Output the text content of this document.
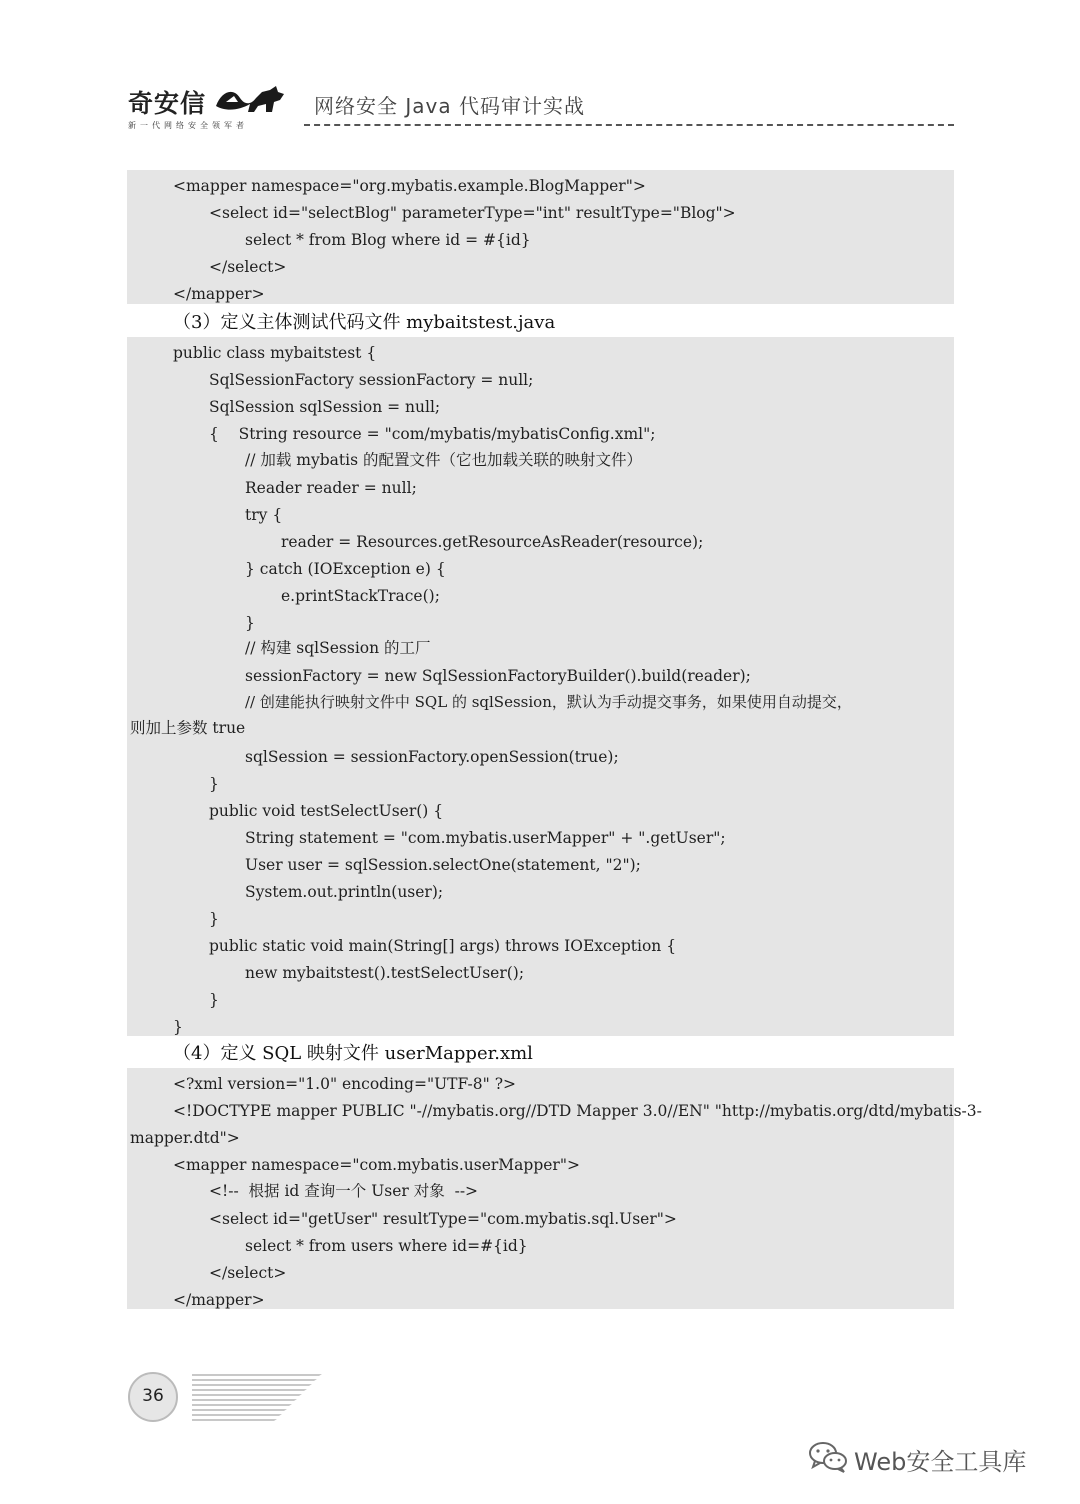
奇安信
新一代网络安全领军者
网络安全 Java 代码审计实战
<mapper namespace="org.mybatis.example.BlogMapper">
<select id="selectBlog" parameterType="int" resultType="Blog">
select * from Blog where id = #{id}
</select>
</mapper>
（3）定义主体测试代码文件 mybaitstest.java
public class mybaitstest {
SqlSessionFactory sessionFactory = null;
SqlSession sqlSession = null;
{    String resource = "com/mybatis/mybatisConfig.xml";
// 加载 mybatis 的配置文件（它也加载关联的映射文件）
Reader reader = null;
try {
reader = Resources.getResourceAsReader(resource);
} catch (IOException e) {
e.printStackTrace();
}
// 构建 sqlSession 的工厂
sessionFactory = new SqlSessionFactoryBuilder().build(reader);
// 创建能执行映射文件中 SQL 的 sqlSession，默认为手动提交事务，如果使用自动提交，
则加上参数 true
sqlSession = sessionFactory.openSession(true);
}
public void testSelectUser() {
String statement = "com.mybatis.userMapper" + ".getUser";
User user = sqlSession.selectOne(statement, "2");
System.out.println(user);
}
public static void main(String[] args) throws IOException {
new mybaitstest().testSelectUser();
}
}
（4）定义 SQL 映射文件 userMapper.xml
<?xml version="1.0" encoding="UTF-8" ?>
<!DOCTYPE mapper PUBLIC "-//mybatis.org//DTD Mapper 3.0//EN" "http://mybatis.org/dtd/mybatis-3-
mapper.dtd">
<mapper namespace="com.mybatis.userMapper">
<!--  根据 id 查询一个 User 对象  -->
<select id="getUser" resultType="com.mybatis.sql.User">
select * from users where id=#{id}
</select>
</mapper>
36
Web安全工具库
